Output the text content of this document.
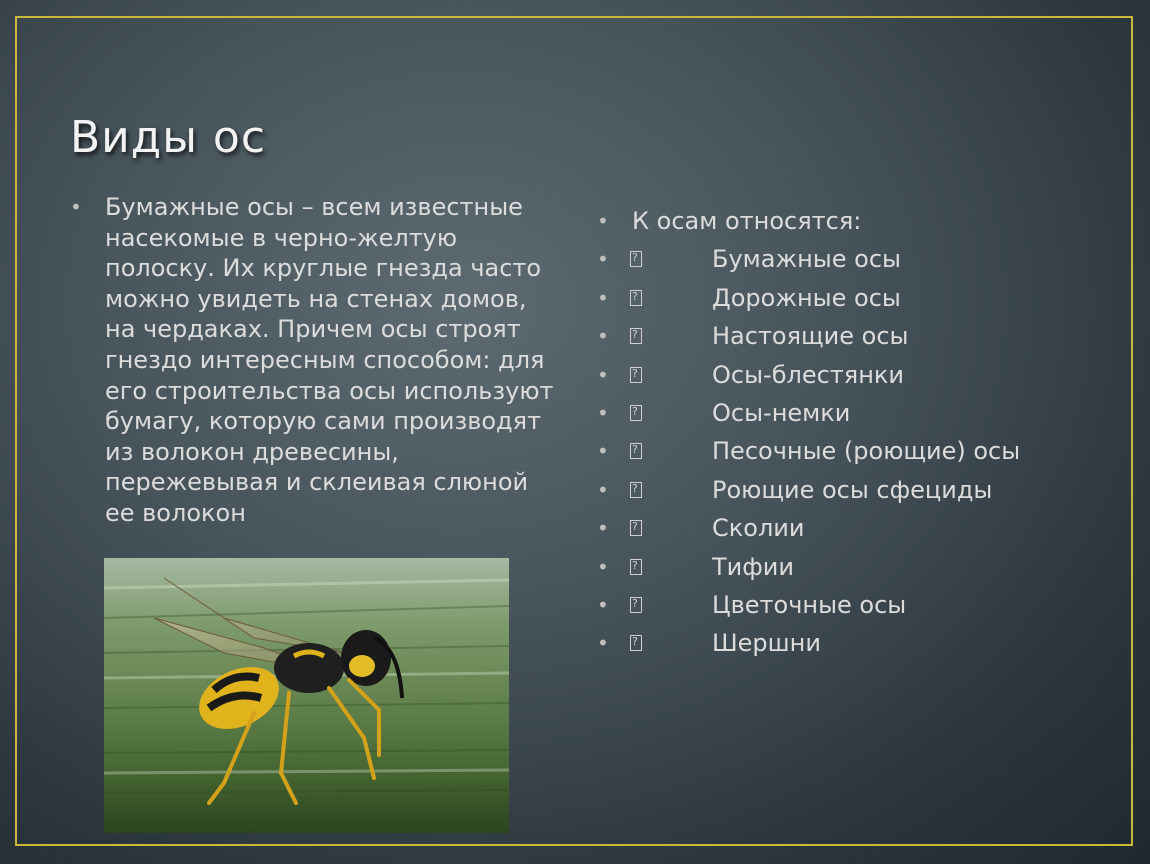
Виды ос
• Бумажные осы – всем известные насекомые в черно-желтую полоску. Их круглые гнезда часто можно увидеть на стенах домов, на чердаках. Причем осы строят гнездо интересным способом: для его строительства осы используют бумагу, которую сами производят из волокон древесины, пережевывая и склеивая слюной ее волокон
• К осам относятся:
• ?	Бумажные осы
• ?	Дорожные осы
• ?	Настоящие осы
• ?	Осы-блестянки
• ?	Осы-немки
• ?	Песочные (роющие) осы
• ?	Роющие осы сфециды
• ?	Сколии
• ?	Тифии
• ?	Цветочные осы
• ?	Шершни
